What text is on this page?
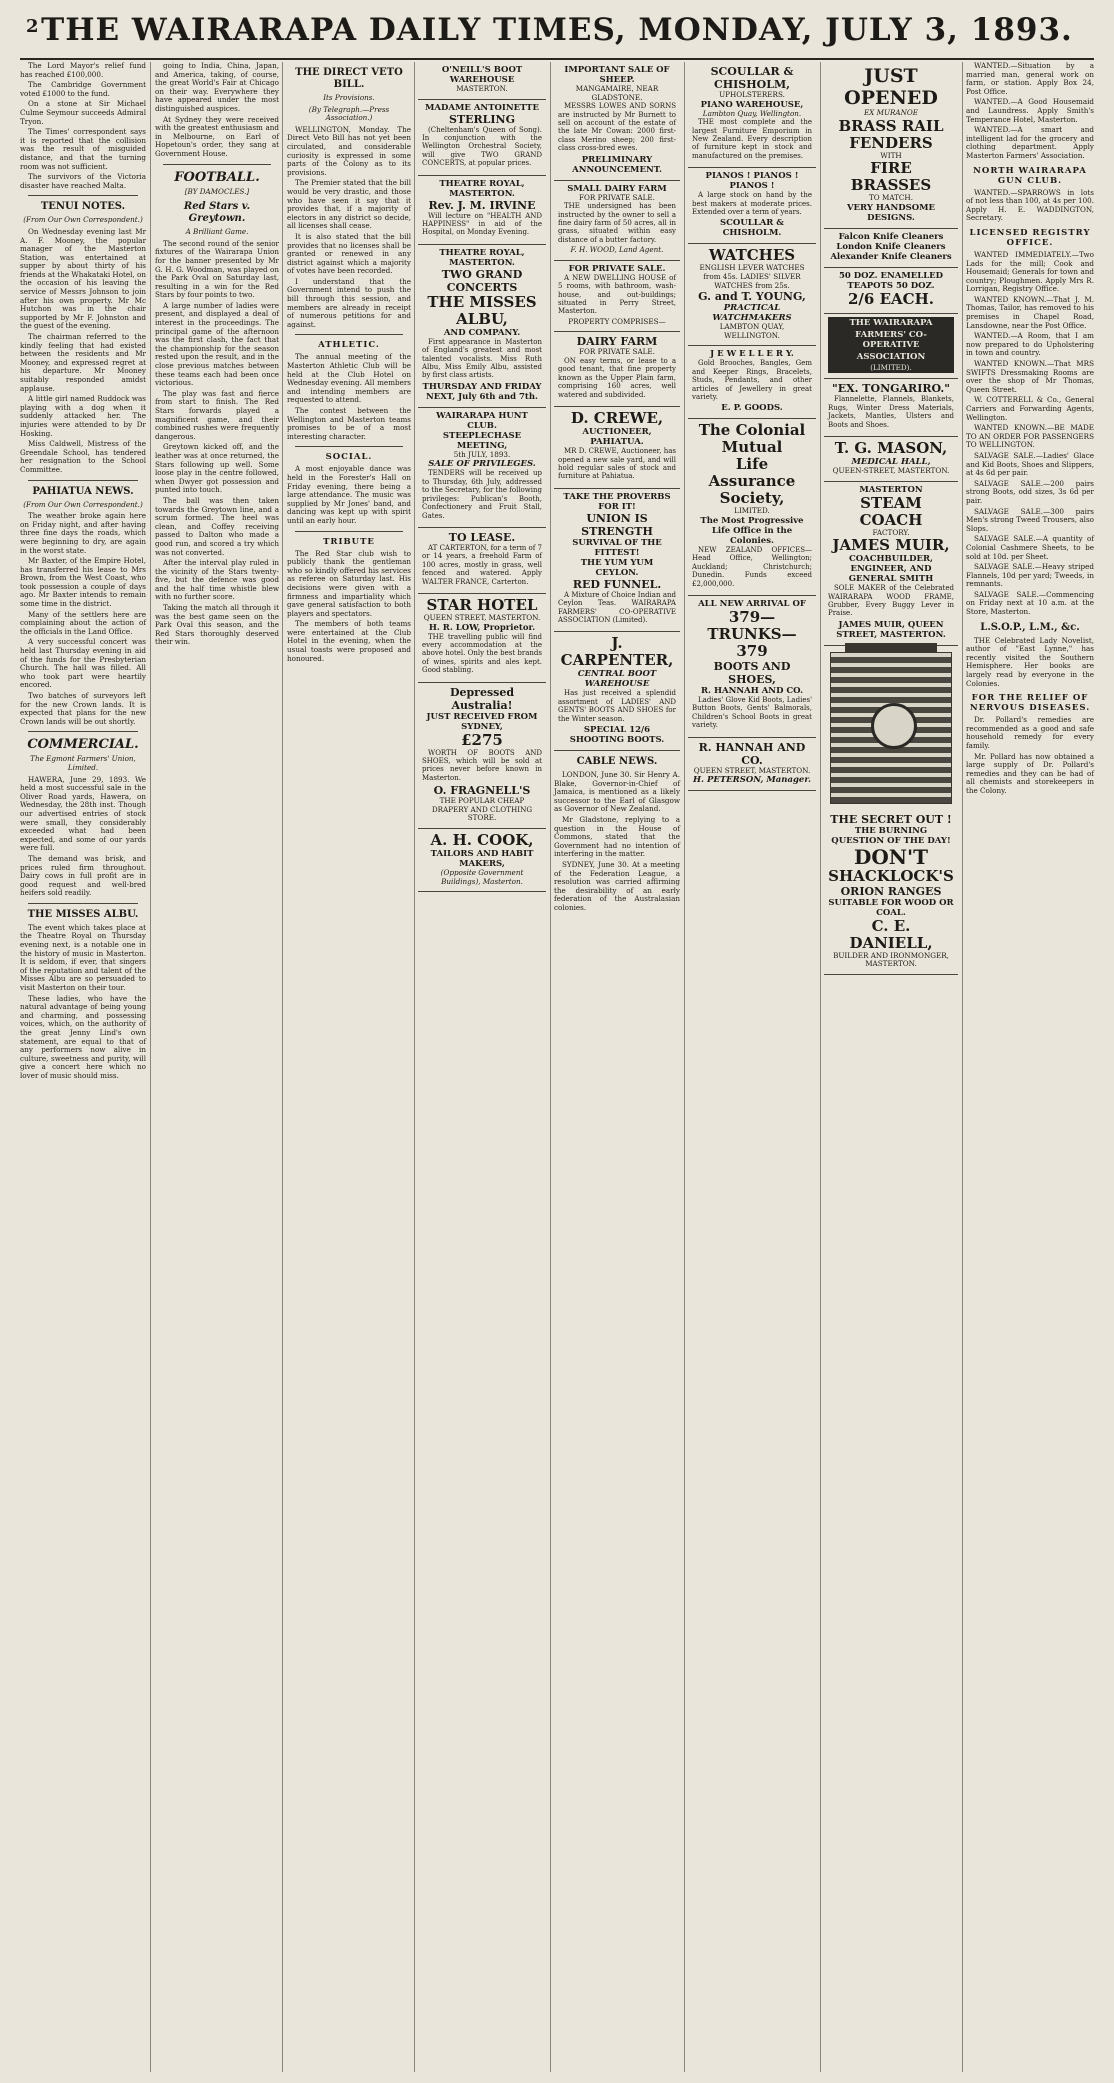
2 THE WAIRARAPA DAILY TIMES, MONDAY, JULY 3, 1893.

The Lord Mayor's relief fund has reached £100,000.

The Cambridge Government voted £1000 to the fund.

On a stone at Sir Michael Culme Seymour succeeds Admiral Tryon.

The Times' correspondent says it is reported that the collision was the result of misguided distance, and that the turning room was not sufficient.

The survivors of the Victoria disaster have reached Malta.

TENUI NOTES.
(From Our Own Correspondent.)

On Wednesday evening last Mr A. F. Mooney, the popular manager of the Masterton Station, was entertained at supper by about thirty of his friends at the Whakataki Hotel, on the occasion of his leaving the service of Messrs Johnson to join after his own property. Mr Mc Hutchon was in the chair supported by Mr F. Johnston and the guest of the evening.

The chairman referred to the kindly feeling that had existed between the residents and Mr Mooney, and expressed regret at his departure. Mr Mooney suitably responded amidst applause.

A little girl named Ruddock was playing with a dog when it suddenly attacked her. The injuries were attended to by Dr Hosking.

Miss Caldwell, Mistress of the Greendale School, has tendered her resignation to the School Committee.

PAHIATUA NEWS.
(From Our Own Correspondent.)

The weather broke again here on Friday night, and after having three fine days the roads, which were beginning to dry, are again in the worst state.

Mr Baxter, of the Empire Hotel, has transferred his lease to Mrs Brown, from the West Coast, who took possession a couple of days ago. Mr Baxter intends to remain some time in the district.

Many of the settlers here are complaining about the action of the officials in the Land Office.

A very successful concert was held last Thursday evening in aid of the funds for the Presbyterian Church. The hall was filled. All who took part were heartily encored.

Two batches of surveyors left for the new Crown lands. It is expected that plans for the new Crown lands will be out shortly.

COMMERCIAL.
The Egmont Farmers' Union, Limited.

HAWERA, June 29, 1893. We held a most successful sale in the Oliver Road yards, Hawera, on Wednesday, the 28th inst. Though our advertised entries of stock were small, they considerably exceeded what had been expected, and some of our yards were full.

The demand was brisk, and prices ruled firm throughout. Dairy cows in full profit are in good request and well-bred heifers sold readily.

THE MISSES ALBU.

The event which takes place at the Theatre Royal on Thursday evening next, is a notable one in the history of music in Masterton. It is seldom, if ever, that singers of the reputation and talent of the Misses Albu are so persuaded to visit Masterton on their tour.

These ladies, who have the natural advantage of being young and charming, and possessing voices, which, on the authority of the great Jenny Lind's own statement, are equal to that of any performers now alive in culture, sweetness and purity, will give a concert here which no lover of music should miss.

going to India, China, Japan, and America, taking, of course, the great World's Fair at Chicago on their way. Everywhere they have appeared under the most distinguished auspices.

At Sydney they were received with the greatest enthusiasm and in Melbourne, on Earl of Hopetoun's order, they sang at Government House.

FOOTBALL.
[BY DAMOCLES.]
Red Stars v. Greytown.
A Brilliant Game.

The second round of the senior fixtures of the Wairarapa Union for the banner presented by Mr G. H. G. Woodman, was played on the Park Oval on Saturday last, resulting in a win for the Red Stars by four points to two.

A large number of ladies were present, and displayed a deal of interest in the proceedings. The principal game of the afternoon was the first clash, the fact that the championship for the season rested upon the result, and in the close previous matches between these teams each had been once victorious.

The play was fast and fierce from start to finish. The Red Stars forwards played a magnificent game, and their combined rushes were frequently dangerous.

Greytown kicked off, and the leather was at once returned, the Stars following up well. Some loose play in the centre followed, when Dwyer got possession and punted into touch.

The ball was then taken towards the Greytown line, and a scrum formed. The heel was clean, and Coffey receiving passed to Dalton who made a good run, and scored a try which was not converted.

After the interval play ruled in the vicinity of the Stars twenty-five, but the defence was good and the half time whistle blew with no further score.

Taking the match all through it was the best game seen on the Park Oval this season, and the Red Stars thoroughly deserved their win.

THE DIRECT VETO BILL.
Its Provisions.
(By Telegraph.—Press Association.)

WELLINGTON, Monday. The Direct Veto Bill has not yet been circulated, and considerable curiosity is expressed in some parts of the Colony as to its provisions.

The Premier stated that the bill would be very drastic, and those who have seen it say that it provides that, if a majority of electors in any district so decide, all licenses shall cease.

It is also stated that the bill provides that no licenses shall be granted or renewed in any district against which a majority of votes have been recorded.

I understand that the Government intend to push the bill through this session, and members are already in receipt of numerous petitions for and against.

ATHLETIC.

The annual meeting of the Masterton Athletic Club will be held at the Club Hotel on Wednesday evening. All members and intending members are requested to attend.

The contest between the Wellington and Masterton teams promises to be of a most interesting character.

SOCIAL.

A most enjoyable dance was held in the Forester's Hall on Friday evening, there being a large attendance. The music was supplied by Mr Jones' band, and dancing was kept up with spirit until an early hour.

TRIBUTE

The Red Star club wish to publicly thank the gentleman who so kindly offered his services as referee on Saturday last. His decisions were given with a firmness and impartiality which gave general satisfaction to both players and spectators.

The members of both teams were entertained at the Club Hotel in the evening, when the usual toasts were proposed and honoured.

O'NEILL'S BOOT WAREHOUSE
MASTERTON.
MADAME ANTOINETTE
STERLING

(Cheltenham's Queen of Song). In conjunction with the Wellington Orchestral Society, will give TWO GRAND CONCERTS, at popular prices.

THEATRE ROYAL, MASTERTON.
Rev. J. M. IRVINE

Will lecture on "HEALTH AND HAPPINESS" in aid of the Hospital, on Monday Evening.

THEATRE ROYAL, MASTERTON.
TWO GRAND CONCERTS
THE MISSES ALBU,
AND COMPANY.

First appearance in Masterton of England's greatest and most talented vocalists. Miss Ruth Albu, Miss Emily Albu, assisted by first class artists.

THURSDAY AND FRIDAY NEXT, July 6th and 7th.
WAIRARAPA HUNT CLUB.
STEEPLECHASE MEETING,
5th JULY, 1893.
SALE OF PRIVILEGES.

TENDERS will be received up to Thursday, 6th July, addressed to the Secretary, for the following privileges: Publican's Booth, Confectionery and Fruit Stall, Gates.

TO LEASE.

AT CARTERTON, for a term of 7 or 14 years, a freehold Farm of 100 acres, mostly in grass, well fenced and watered. Apply WALTER FRANCE, Carterton.

STAR HOTEL
QUEEN STREET, MASTERTON.
H. R. LOW, Proprietor.

THE travelling public will find every accommodation at the above hotel. Only the best brands of wines, spirits and ales kept. Good stabling.

Depressed Australia!
JUST RECEIVED FROM SYDNEY,
£275

WORTH OF BOOTS AND SHOES, which will be sold at prices never before known in Masterton.

O. FRAGNELL'S
THE POPULAR CHEAP DRAPERY AND CLOTHING STORE.
A. H. COOK,
TAILORS AND HABIT MAKERS,
(Opposite Government Buildings), Masterton.
IMPORTANT SALE OF SHEEP.
MANGAMAIRE, NEAR GLADSTONE.

MESSRS LOWES AND SORNS are instructed by Mr Burnett to sell on account of the estate of the late Mr Cowan: 2000 first-class Merino sheep; 200 first-class cross-bred ewes.

PRELIMINARY ANNOUNCEMENT.
SMALL DAIRY FARM
FOR PRIVATE SALE.

THE undersigned has been instructed by the owner to sell a fine dairy farm of 50 acres, all in grass, situated within easy distance of a butter factory.

F. H. WOOD, Land Agent.
FOR PRIVATE SALE.

A NEW DWELLING HOUSE of 5 rooms, with bathroom, wash-house, and out-buildings; situated in Perry Street, Masterton.

PROPERTY COMPRISES—
DAIRY FARM
FOR PRIVATE SALE.

ON easy terms, or lease to a good tenant, that fine property known as the Upper Plain farm, comprising 160 acres, well watered and subdivided.

D. CREWE,
AUCTIONEER, PAHIATUA.

MR D. CREWE, Auctioneer, has opened a new sale yard, and will hold regular sales of stock and furniture at Pahiatua.

TAKE THE PROVERBS FOR IT!
UNION IS STRENGTH
SURVIVAL OF THE FITTEST!
THE YUM YUM CEYLON.
RED FUNNEL.

A Mixture of Choice Indian and Ceylon Teas. WAIRARAPA FARMERS' CO-OPERATIVE ASSOCIATION (Limited).

J. CARPENTER,
CENTRAL BOOT WAREHOUSE

Has just received a splendid assortment of LADIES' AND GENTS' BOOTS AND SHOES for the Winter season.

SPECIAL 12/6 SHOOTING BOOTS.
CABLE NEWS.

LONDON, June 30. Sir Henry A. Blake, Governor-in-Chief of Jamaica, is mentioned as a likely successor to the Earl of Glasgow as Governor of New Zealand.

Mr Gladstone, replying to a question in the House of Commons, stated that the Government had no intention of interfering in the matter.

SYDNEY, June 30. At a meeting of the Federation League, a resolution was carried affirming the desirability of an early federation of the Australasian colonies.

SCOULLAR & CHISHOLM,
UPHOLSTERERS.
PIANO WAREHOUSE,
Lambton Quay, Wellington.

THE most complete and the largest Furniture Emporium in New Zealand. Every description of furniture kept in stock and manufactured on the premises.

PIANOS ! PIANOS ! PIANOS !

A large stock on hand by the best makers at moderate prices. Extended over a term of years.

SCOULLAR & CHISHOLM.
WATCHES
ENGLISH LEVER WATCHES from 45s. LADIES' SILVER WATCHES from 25s.
G. and T. YOUNG,
PRACTICAL WATCHMAKERS
LAMBTON QUAY, WELLINGTON.
J E W E L L E R Y.

Gold Brooches, Bangles, Gem and Keeper Rings, Bracelets, Studs, Pendants, and other articles of Jewellery in great variety.

E. P. GOODS.
The Colonial Mutual
Life Assurance
Society,
LIMITED.
The Most Progressive Life Office in the Colonies.

NEW ZEALAND OFFICES—Head Office, Wellington; Auckland; Christchurch; Dunedin. Funds exceed £2,000,000.

ALL NEW ARRIVAL OF
379—TRUNKS—379
BOOTS AND SHOES,
R. HANNAH AND CO.

Ladies' Glove Kid Boots, Ladies' Button Boots, Gents' Balmorals, Children's School Boots in great variety.

R. HANNAH AND CO.
QUEEN STREET, MASTERTON.
H. PETERSON, Manager.
JUST OPENED
EX MURANOE
BRASS RAIL
FENDERS
WITH
FIRE BRASSES
TO MATCH.
VERY HANDSOME DESIGNS.
Falcon Knife Cleaners
London Knife Cleaners
Alexander Knife Cleaners
50 DOZ. ENAMELLED TEAPOTS 50 DOZ.
2/6 EACH.
THE WAIRARAPA
FARMERS' CO-OPERATIVE
ASSOCIATION
(LIMITED).
"EX. TONGARIRO."

Flannelette, Flannels, Blankets, Rugs, Winter Dress Materials, Jackets, Mantles, Ulsters and Boots and Shoes.

T. G. MASON,
MEDICAL HALL,
QUEEN-STREET, MASTERTON.
MASTERTON
STEAM COACH
FACTORY.
JAMES MUIR,
COACHBUILDER, ENGINEER, AND GENERAL SMITH

SOLE MAKER of the Celebrated WAIRARAPA WOOD FRAME, Grubber, Every Buggy Lever in Praise.

JAMES MUIR, QUEEN STREET, MASTERTON.
THE SECRET OUT !
THE BURNING QUESTION OF THE DAY!
DON'T
SHACKLOCK'S
ORION RANGES
SUITABLE FOR WOOD OR COAL.
C. E. DANIELL,
BUILDER AND IRONMONGER, MASTERTON.

WANTED.—Situation by a married man, general work on farm, or station. Apply Box 24, Post Office.

WANTED.—A Good Housemaid and Laundress. Apply Smith's Temperance Hotel, Masterton.

WANTED.—A smart and intelligent lad for the grocery and clothing department. Apply Masterton Farmers' Association.

NORTH WAIRARAPA GUN CLUB.

WANTED.—SPARROWS in lots of not less than 100, at 4s per 100. Apply H. E. WADDINGTON, Secretary.

LICENSED REGISTRY OFFICE.

WANTED IMMEDIATELY.—Two Lads for the mill; Cook and Housemaid; Generals for town and country; Ploughmen. Apply Mrs R. Lorrigan, Registry Office.

WANTED KNOWN.—That J. M. Thomas, Tailor, has removed to his premises in Chapel Road, Lansdowne, near the Post Office.

WANTED.—A Room, that I am now prepared to do Upholstering in town and country.

WANTED KNOWN.—That MRS SWIFTS Dressmaking Rooms are over the shop of Mr Thomas, Queen Street.

W. COTTERELL & Co., General Carriers and Forwarding Agents, Wellington.

WANTED KNOWN.—BE MADE TO AN ORDER FOR PASSENGERS TO WELLINGTON.

SALVAGE SALE.—Ladies' Glace and Kid Boots, Shoes and Slippers, at 4s 6d per pair.

SALVAGE SALE.—200 pairs strong Boots, odd sizes, 3s 6d per pair.

SALVAGE SALE.—300 pairs Men's strong Tweed Trousers, also Slops.

SALVAGE SALE.—A quantity of Colonial Cashmere Sheets, to be sold at 10d. per Sheet.

SALVAGE SALE.—Heavy striped Flannels, 10d per yard; Tweeds, in remnants.

SALVAGE SALE.—Commencing on Friday next at 10 a.m. at the Store, Masterton.

L.S.O.P., L.M., &c.

THE Celebrated Lady Novelist, author of "East Lynne," has recently visited the Southern Hemisphere. Her books are largely read by everyone in the Colonies.

FOR THE RELIEF OF NERVOUS DISEASES.

Dr. Pollard's remedies are recommended as a good and safe household remedy for every family.

Mr. Pollard has now obtained a large supply of Dr. Pollard's remedies and they can be had of all chemists and storekeepers in the Colony.
